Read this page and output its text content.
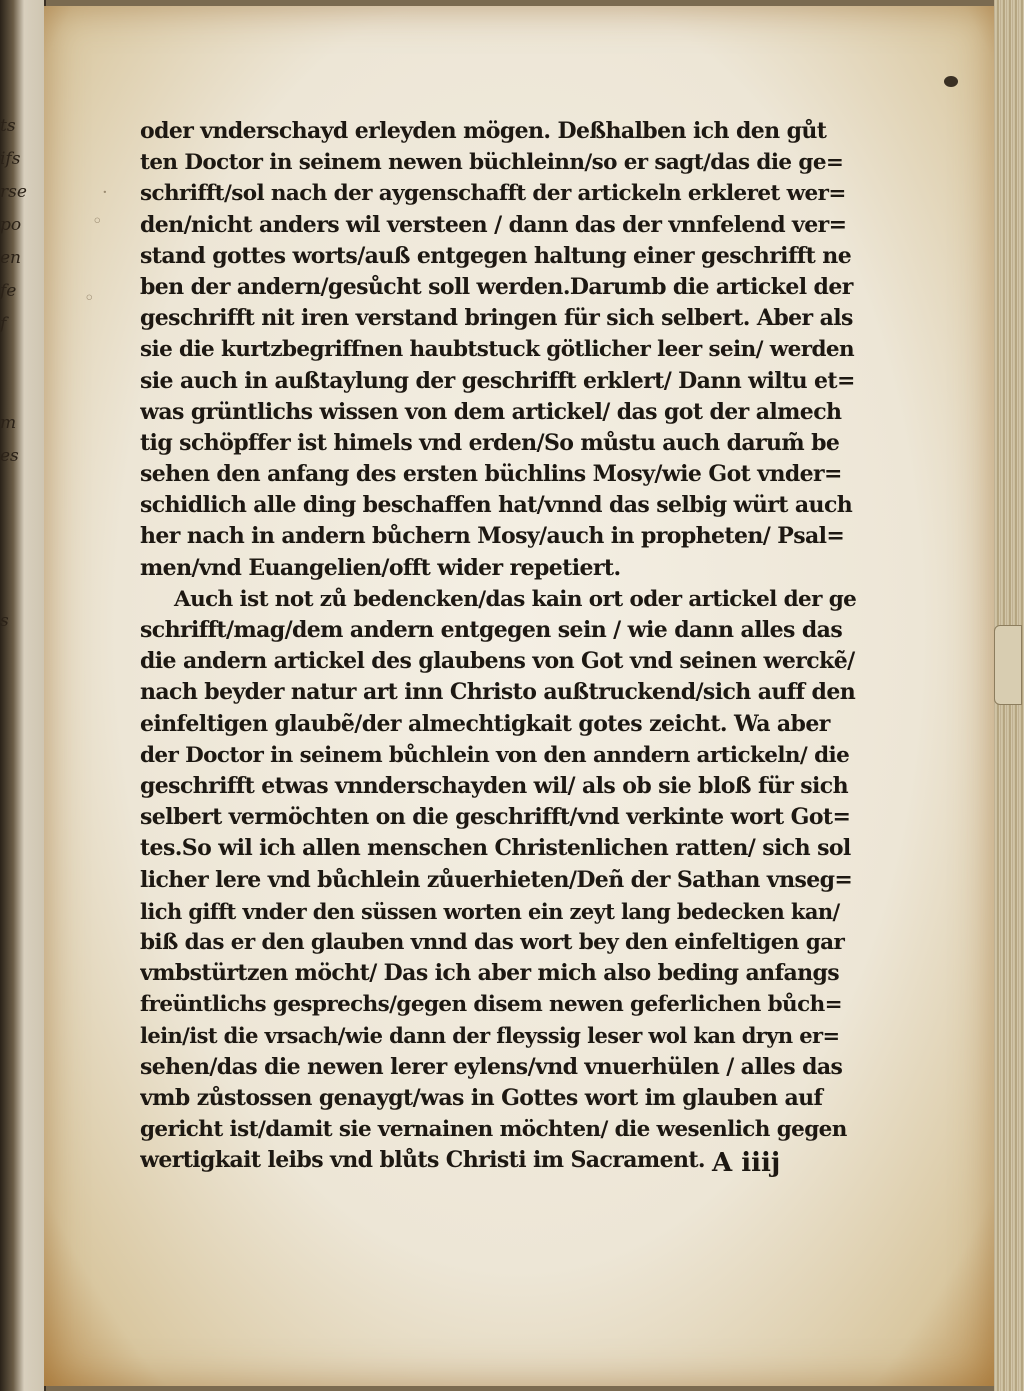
ts
ifs
rse
po
en
fe
f
m
es
s
◦
·
◦
oder vnderschayd erleyden mögen. Deßhalben ich den gůt
ten Doctor in seinem newen büchleinn/so er sagt/das die ge=
schrifft/sol nach der aygenschafft der artickeln erkleret wer=
den/nicht anders wil versteen / dann das der vnnfelend ver=
stand gottes worts/auß entgegen haltung einer geschrifft ne
ben der andern/gesůcht soll werden.Darumb die artickel der
geschrifft nit iren verstand bringen für sich selbert. Aber als
sie die kurtzbegriffnen haubtstuck götlicher leer sein/ werden
sie auch in außtaylung der geschrifft erklert/ Dann wiltu et=
was grüntlichs wissen von dem artickel/ das got der almech
tig schöpffer ist himels vnd erden/So můstu auch darum̃ be
sehen den anfang des ersten büchlins Mosy/wie Got vnder=
schidlich alle ding beschaffen hat/vnnd das selbig würt auch
her nach in andern bůchern Mosy/auch in propheten/ Psal=
men/vnd Euangelien/offt wider repetiert.
Auch ist not zů bedencken/das kain ort oder artickel der ge
schrifft/mag/dem andern entgegen sein / wie dann alles das
die andern artickel des glaubens von Got vnd seinen werckẽ/
nach beyder natur art inn Christo außtruckend/sich auff den
einfeltigen glaubẽ/der almechtigkait gotes zeicht. Wa aber
der Doctor in seinem bůchlein von den anndern artickeln/ die
geschrifft etwas vnnderschayden wil/ als ob sie bloß für sich
selbert vermöchten on die geschrifft/vnd verkinte wort Got=
tes.So wil ich allen menschen Christenlichen ratten/ sich sol
licher lere vnd bůchlein zůuerhieten/Deñ der Sathan vnseg=
lich gifft vnder den süssen worten ein zeyt lang bedecken kan/
biß das er den glauben vnnd das wort bey den einfeltigen gar
vmbstürtzen möcht/ Das ich aber mich also beding anfangs
freüntlichs gesprechs/gegen disem newen geferlichen bůch=
lein/ist die vrsach/wie dann der fleyssig leser wol kan dryn er=
sehen/das die newen lerer eylens/vnd vnuerhülen / alles das
vmb zůstossen genaygt/was in Gottes wort im glauben auf
gericht ist/damit sie vernainen möchten/ die wesenlich gegen
wertigkait leibs vnd blůts Christi im Sacrament. A iiij
